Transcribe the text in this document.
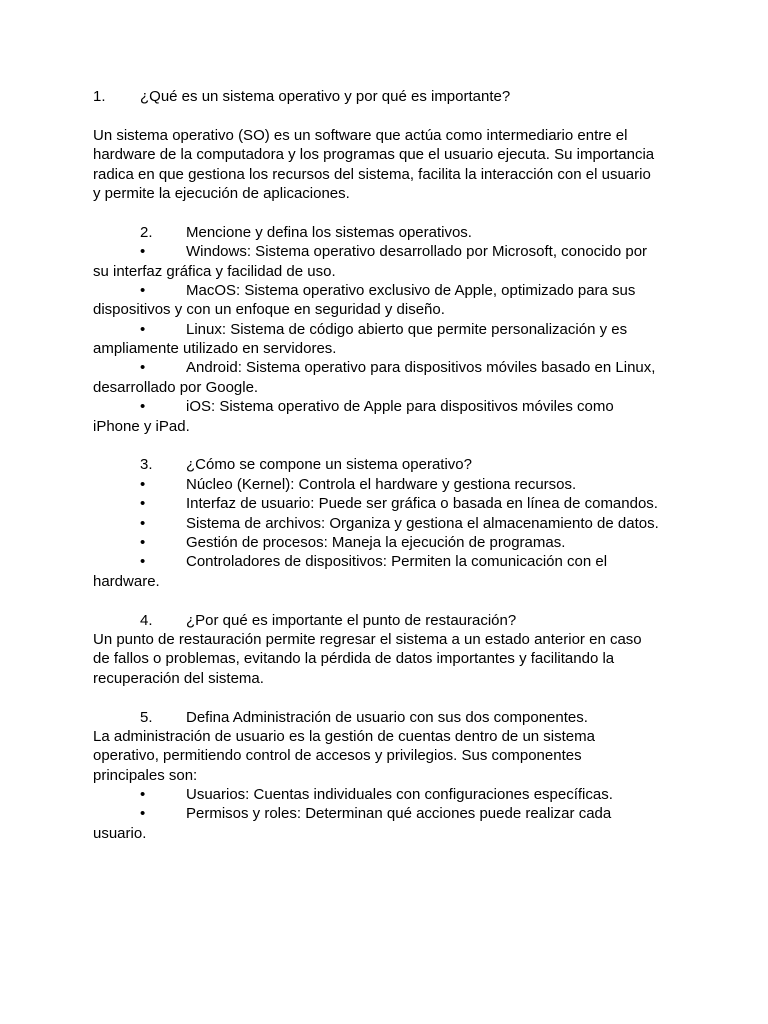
1. ¿Qué es un sistema operativo y por qué es importante?
Un sistema operativo (SO) es un software que actúa como intermediario entre el
hardware de la computadora y los programas que el usuario ejecuta. Su importancia
radica en que gestiona los recursos del sistema, facilita la interacción con el usuario
y permite la ejecución de aplicaciones.
2. Mencione y defina los sistemas operativos.
•	Windows: Sistema operativo desarrollado por Microsoft, conocido por
su interfaz gráfica y facilidad de uso.
•	MacOS: Sistema operativo exclusivo de Apple, optimizado para sus
dispositivos y con un enfoque en seguridad y diseño.
•	Linux: Sistema de código abierto que permite personalización y es
ampliamente utilizado en servidores.
•	Android: Sistema operativo para dispositivos móviles basado en Linux,
desarrollado por Google.
•	iOS: Sistema operativo de Apple para dispositivos móviles como
iPhone y iPad.
3. ¿Cómo se compone un sistema operativo?
•	Núcleo (Kernel): Controla el hardware y gestiona recursos.
•	Interfaz de usuario: Puede ser gráfica o basada en línea de comandos.
•	Sistema de archivos: Organiza y gestiona el almacenamiento de datos.
•	Gestión de procesos: Maneja la ejecución de programas.
•	Controladores de dispositivos: Permiten la comunicación con el
hardware.
4. ¿Por qué es importante el punto de restauración?
Un punto de restauración permite regresar el sistema a un estado anterior en caso
de fallos o problemas, evitando la pérdida de datos importantes y facilitando la
recuperación del sistema.
5. Defina Administración de usuario con sus dos componentes.
La administración de usuario es la gestión de cuentas dentro de un sistema
operativo, permitiendo control de accesos y privilegios. Sus componentes
principales son:
•	Usuarios: Cuentas individuales con configuraciones específicas.
•	Permisos y roles: Determinan qué acciones puede realizar cada
usuario.
